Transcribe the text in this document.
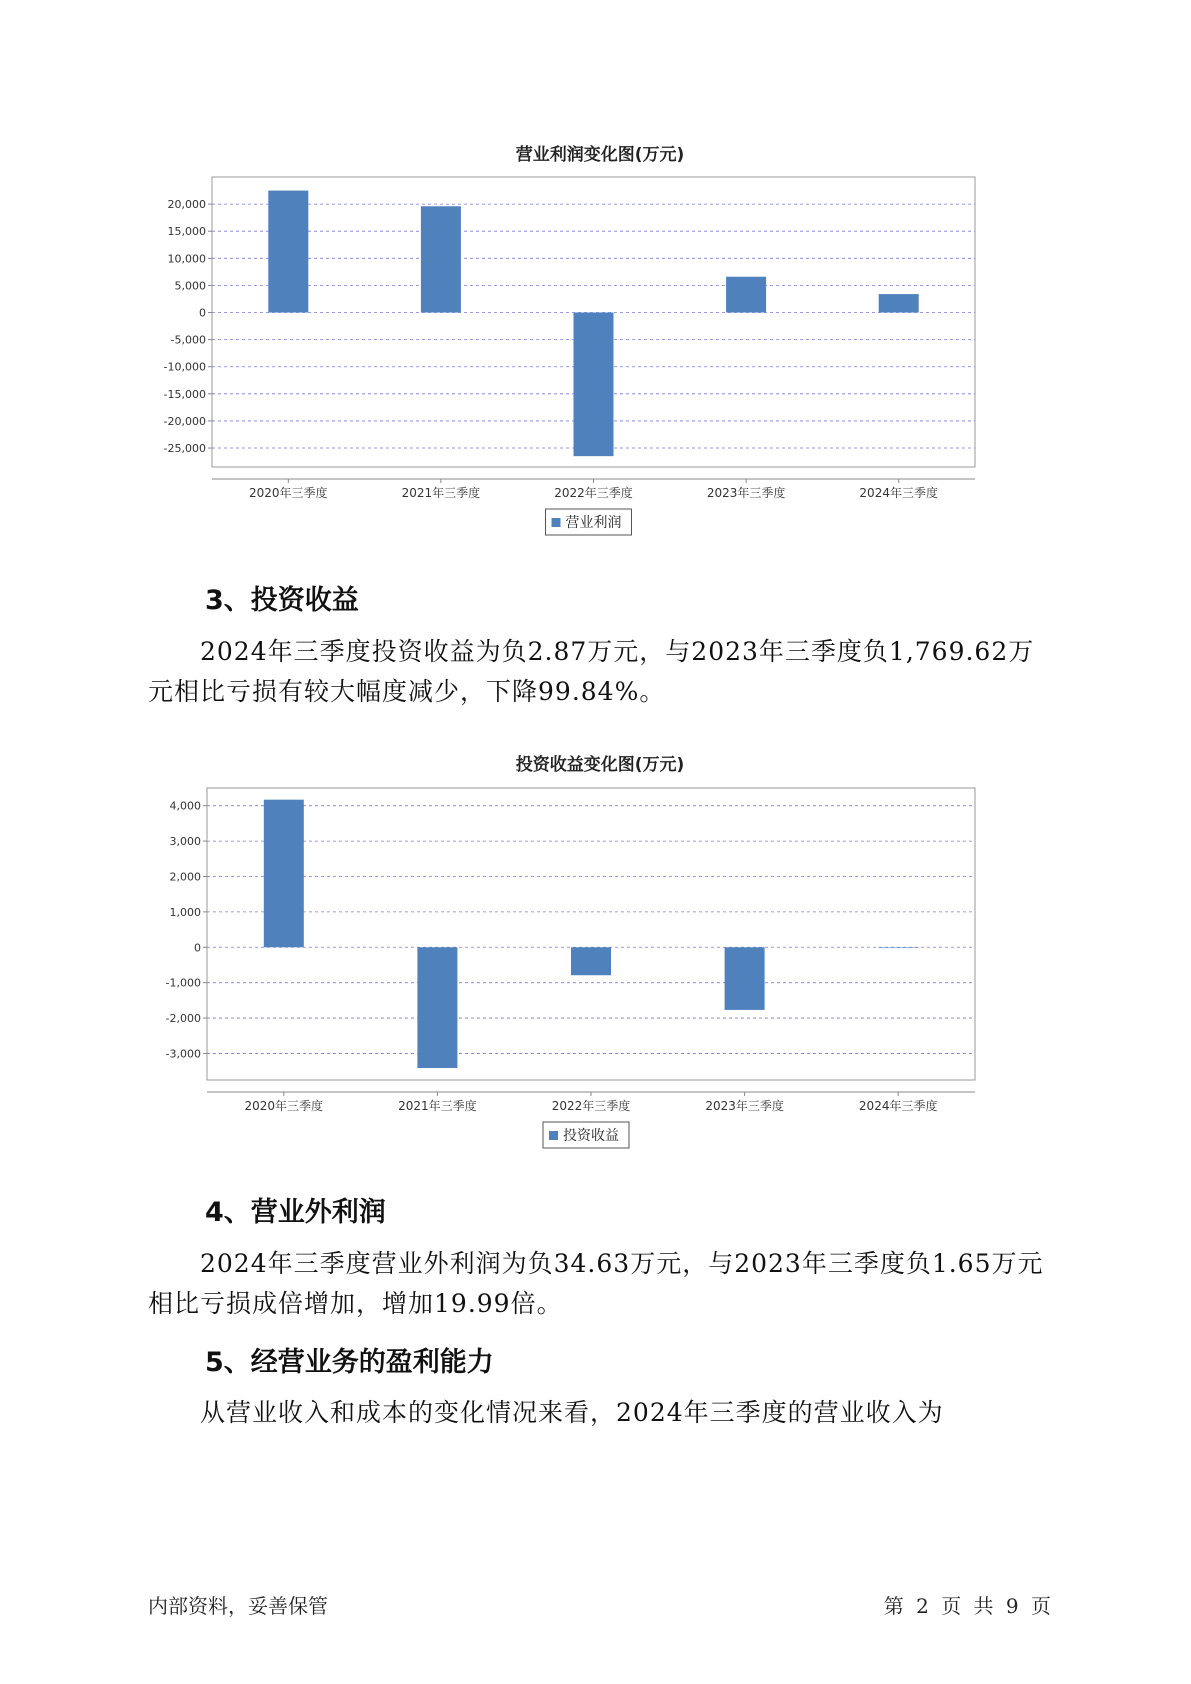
营业利润变化图(万元)
20,000
15,000
10,000
5,000
0
-5,000
-10,000
-15,000
-20,000
-25,000
2020年三季度	2021年三季度	2022年三季度	2023年三季度	2024年三季度
营业利润
3、投资收益
2024年三季度投资收益为负2.87万元，与2023年三季度负1,769.62万
元相比亏损有较大幅度减少，下降99.84%。
投资收益变化图(万元)
4,000
3,000
2,000
1,000
0
-1,000
-2,000
-3,000
2020年三季度	2021年三季度	2022年三季度	2023年三季度	2024年三季度
投资收益
4、营业外利润
2024年三季度营业外利润为负34.63万元，与2023年三季度负1.65万元
相比亏损成倍增加，增加19.99倍。
5、经营业务的盈利能力
从营业收入和成本的变化情况来看，2024年三季度的营业收入为
内部资料，妥善保管	第 2 页 共 9 页
